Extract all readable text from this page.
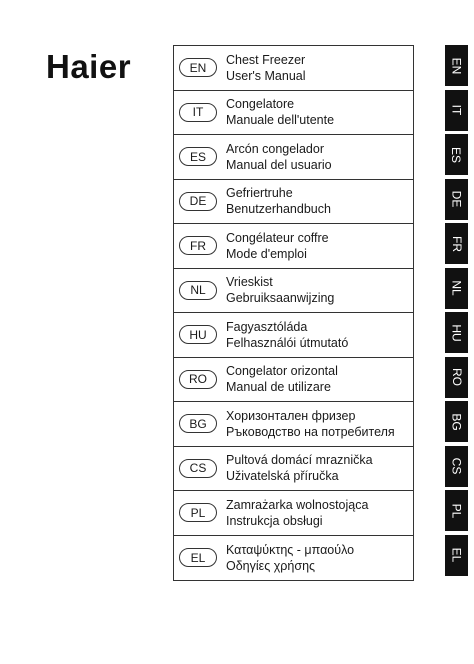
Haier	EN
Chest Freezer
User's Manual
IT
Congelatore
Manuale dell'utente
ES
Arcón congelador
Manual del usuario
DE
Gefriertruhe
Benutzerhandbuch
FR
Congélateur coffre
Mode d'emploi
NL
Vrieskist
Gebruiksaanwijzing
HU
Fagyasztóláda
Felhasználói útmutató
RO
Congelator orizontal
Manual de utilizare
BG
Хоризонтален фризер
Ръководство на потребителя
CS
Pultová domácí mraznička
Uživatelská příručka
PL
Zamrażarka wolnostojąca
Instrukcja obsługi
EL
Καταψύκτης - μπαούλο
Οδηγίες χρήσης
EN
IT
ES
DE
FR
NL
HU
RO
BG
CS
PL
EL
